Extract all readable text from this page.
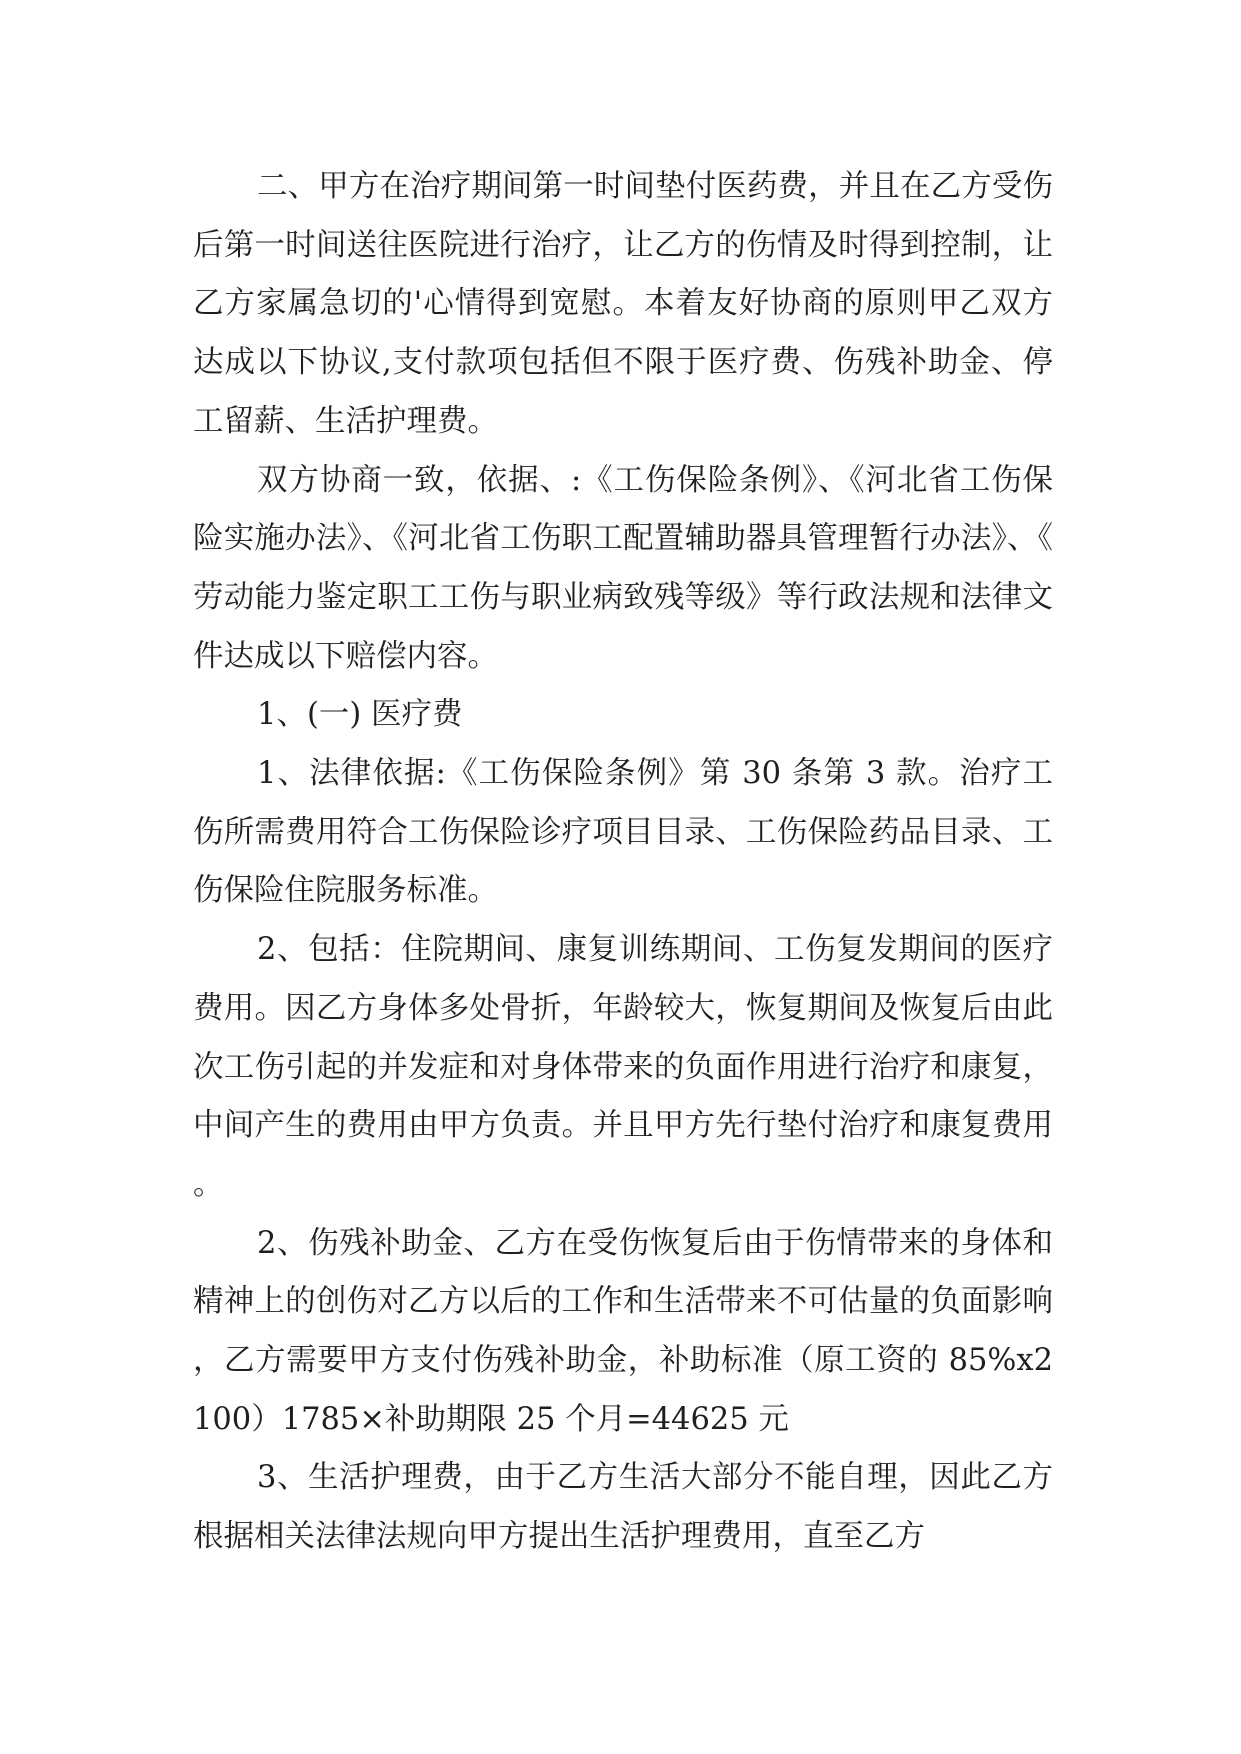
二、甲方在治疗期间第一时间垫付医药费，并且在乙方受伤后第一时间送往医院进行治疗，让乙方的伤情及时得到控制，让乙方家属急切的'心情得到宽慰。本着友好协商的原则甲乙双方达成以下协议,支付款项包括但不限于医疗费、伤残补助金、停工留薪、生活护理费。

双方协商一致，依据、:《工伤保险条例》、《河北省工伤保险实施办法》、《河北省工伤职工配置辅助器具管理暂行办法》、《劳动能力鉴定职工工伤与职业病致残等级》等行政法规和法律文件达成以下赔偿内容。

1、(一) 医疗费

1、法律依据:《工伤保险条例》第 30 条第 3 款。治疗工伤所需费用符合工伤保险诊疗项目目录、工伤保险药品目录、工伤保险住院服务标准。

2、包括：住院期间、康复训练期间、工伤复发期间的医疗费用。因乙方身体多处骨折，年龄较大，恢复期间及恢复后由此次工伤引起的并发症和对身体带来的负面作用进行治疗和康复，中间产生的费用由甲方负责。并且甲方先行垫付治疗和康复费用。

2、伤残补助金、乙方在受伤恢复后由于伤情带来的身体和精神上的创伤对乙方以后的工作和生活带来不可估量的负面影响，乙方需要甲方支付伤残补助金，补助标准（原工资的 85%x2100）1785×补助期限 25 个月=44625 元

3、生活护理费，由于乙方生活大部分不能自理，因此乙方根据相关法律法规向甲方提出生活护理费用，直至乙方
